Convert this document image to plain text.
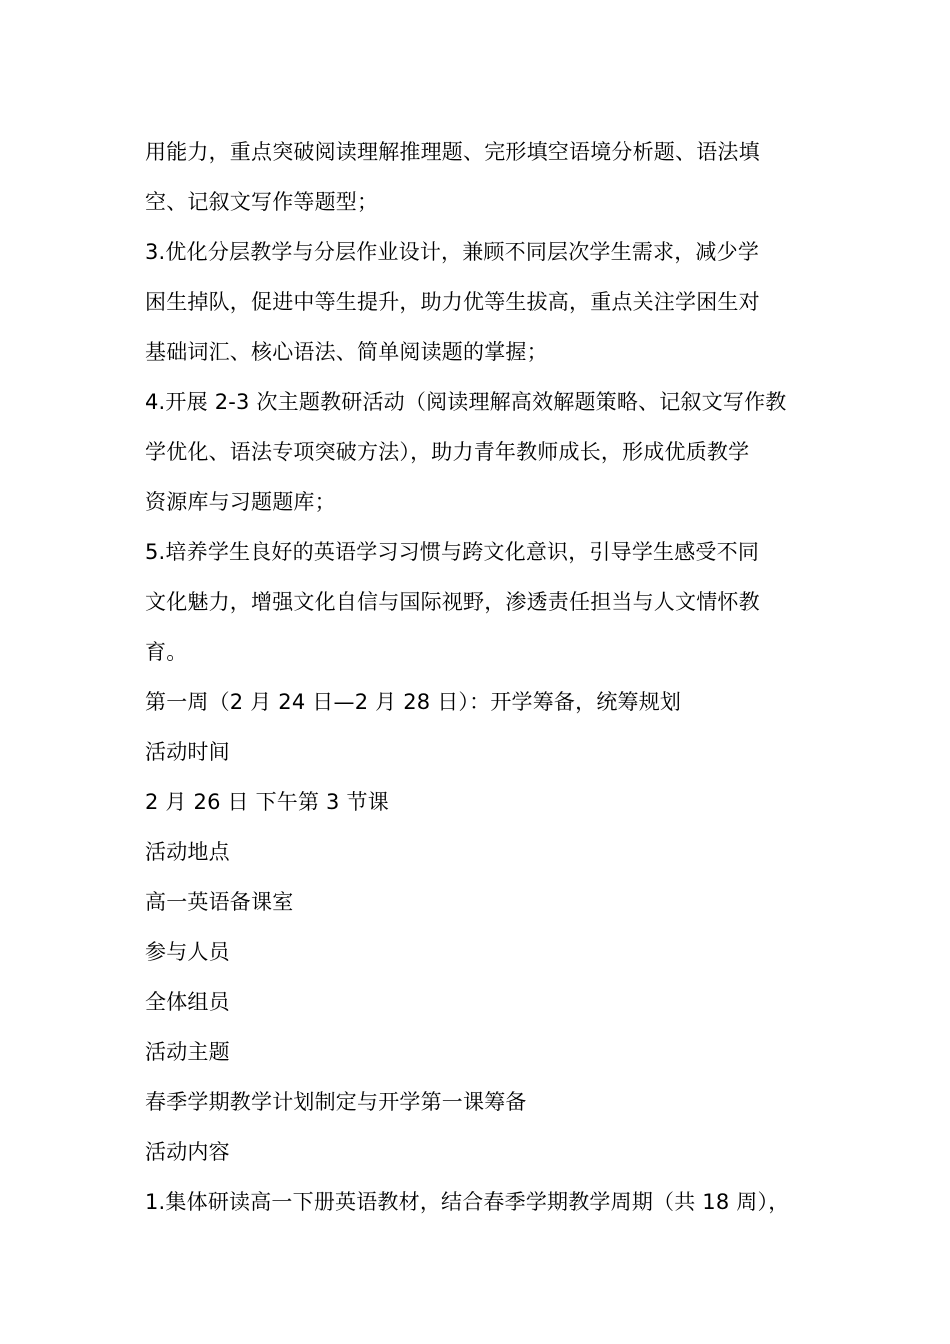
用能力，重点突破阅读理解推理题、完形填空语境分析题、语法填
空、记叙文写作等题型；
3.优化分层教学与分层作业设计，兼顾不同层次学生需求，减少学
困生掉队，促进中等生提升，助力优等生拔高，重点关注学困生对
基础词汇、核心语法、简单阅读题的掌握；
4.开展 2-3 次主题教研活动（阅读理解高效解题策略、记叙文写作教
学优化、语法专项突破方法），助力青年教师成长，形成优质教学
资源库与习题题库；
5.培养学生良好的英语学习习惯与跨文化意识，引导学生感受不同
文化魅力，增强文化自信与国际视野，渗透责任担当与人文情怀教
育。
第一周（2 月 24 日—2 月 28 日）：开学筹备，统筹规划
活动时间
2 月 26 日 下午第 3 节课
活动地点
高一英语备课室
参与人员
全体组员
活动主题
春季学期教学计划制定与开学第一课筹备
活动内容
1.集体研读高一下册英语教材，结合春季学期教学周期（共 18 周），
